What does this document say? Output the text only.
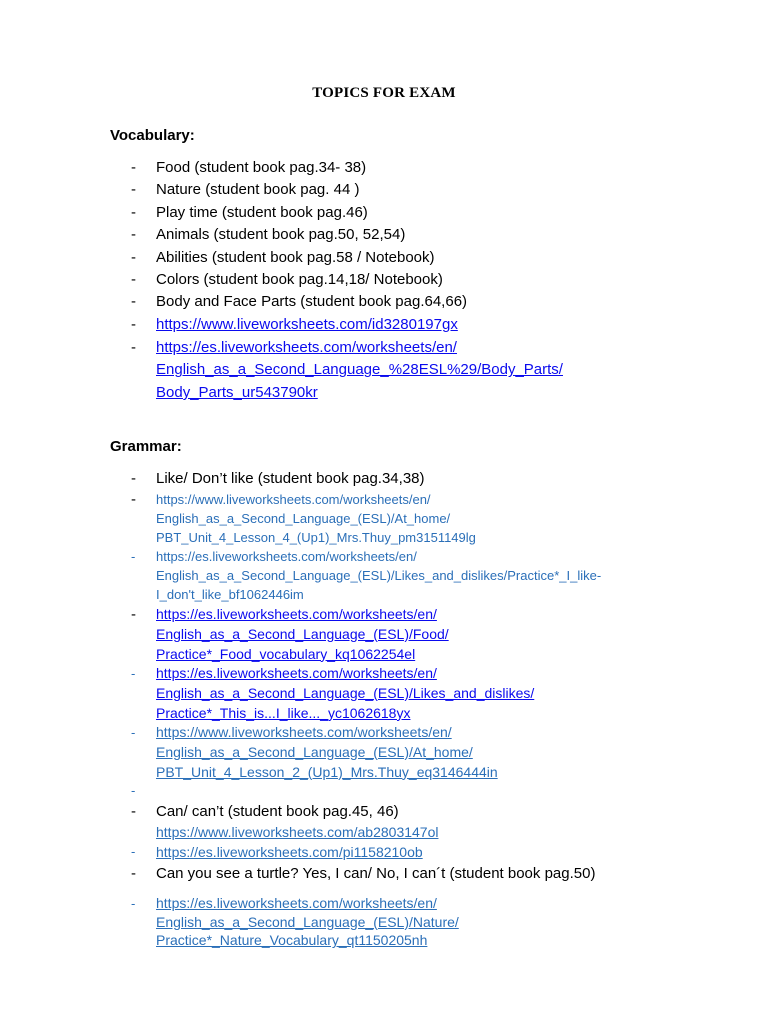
TOPICS FOR EXAM
Vocabulary:
-	Food (student book pag.34- 38)
-	Nature (student book pag. 44 )
-	Play time (student book pag.46)
-	Animals (student book pag.50, 52,54)
-	Abilities (student book pag.58 / Notebook)
-	Colors (student book pag.14,18/ Notebook)
-	Body and Face Parts (student book pag.64,66)
-	https://www.liveworksheets.com/id3280197gx
-	https://es.liveworksheets.com/worksheets/en/
English_as_a_Second_Language_%28ESL%29/Body_Parts/
Body_Parts_ur543790kr
Grammar:
-	Like/ Don’t like (student book pag.34,38)
-	https://www.liveworksheets.com/worksheets/en/
English_as_a_Second_Language_(ESL)/At_home/
PBT_Unit_4_Lesson_4_(Up1)_Mrs.Thuy_pm3151149lg
-	https://es.liveworksheets.com/worksheets/en/
English_as_a_Second_Language_(ESL)/Likes_and_dislikes/Practice*_I_like-
I_don't_like_bf1062446im
-	https://es.liveworksheets.com/worksheets/en/
English_as_a_Second_Language_(ESL)/Food/
Practice*_Food_vocabulary_kq1062254el
-	https://es.liveworksheets.com/worksheets/en/
English_as_a_Second_Language_(ESL)/Likes_and_dislikes/
Practice*_This_is...I_like..._yc1062618yx
-	https://www.liveworksheets.com/worksheets/en/
English_as_a_Second_Language_(ESL)/At_home/
PBT_Unit_4_Lesson_2_(Up1)_Mrs.Thuy_eq3146444in
-
-	Can/ can’t (student book pag.45, 46)
https://www.liveworksheets.com/ab2803147ol
-	https://es.liveworksheets.com/pi1158210ob
-	Can you see a turtle? Yes, I can/ No, I can´t (student book pag.50)
-	https://es.liveworksheets.com/worksheets/en/
English_as_a_Second_Language_(ESL)/Nature/
Practice*_Nature_Vocabulary_qt1150205nh
